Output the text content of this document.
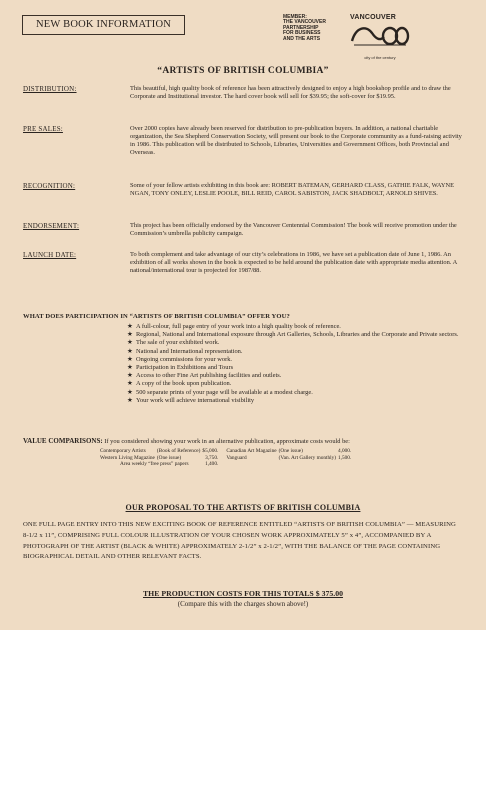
NEW BOOK INFORMATION
MEMBER:
THE VANCOUVER
PARTNERSHIP
FOR BUSINESS
AND THE ARTS
VANCOUVER
city of the century
“ARTISTS OF BRITISH COLUMBIA”
DISTRIBUTION:	This beautiful, high quality book of reference has been attractively designed to enjoy a high bookshop profile and to draw the Corporate and Institutional investor. The hard cover book will sell for $39.95; the soft-cover for $19.95.
PRE SALES:	Over 2000 copies have already been reserved for distribution to pre-publication buyers. In addition, a national charitable organization, the Sea Shepherd Conservation Society, will present our book to the Corporate community as a fund-raising activity in 1986. This publication will be distributed to Schools, Libraries, Universities and Government Offices, both Provincial and Overseas.
RECOGNITION:	Some of your fellow artists exhibiting in this book are: ROBERT BATEMAN, GERHARD CLASS, GATHIE FALK, WAYNE NGAN, TONY ONLEY, LESLIE POOLE, BILL REID, CAROL SABISTON, JACK SHADBOLT, ARNOLD SHIVES.
ENDORSEMENT:	This project has been officially endorsed by the Vancouver Centennial Commission! The book will receive promotion under the Commission’s umbrella publicity campaign.
LAUNCH DATE:	To both complement and take advantage of our city’s celebrations in 1986, we have set a publication date of June 1, 1986. An exhibition of all works shown in the book is expected to be held around the publication date with appropriate media attention. A national/international tour is projected for 1987/88.
WHAT DOES PARTICIPATION IN “ARTISTS OF BRITISH COLUMBIA” OFFER YOU?
★ A full-colour, full page entry of your work into a high quality book of reference.
★ Regional, National and International exposure through Art Galleries, Schools, Libraries and the Corporate and Private sectors.
★ The sale of your exhibited work.
★ National and International representation.
★ Ongoing commissions for your work.
★ Participation in Exhibitions and Tours
★ Access to other Fine Art publishing facilities and outlets.
★ A copy of the book upon publication.
★ 500 separate prints of your page will be available at a modest charge.
★ Your work will achieve international visibility
VALUE COMPARISONS: If you considered showing your work in an alternative publication, approximate costs would be:
Contemporary Artists	(Book of Reference)	$5,000.	Canadian Art Magazine	(One issue)	4,000.
Western Living Magazine	(One issue)	3,750.	Vanguard	(Van. Art Gallery monthly)	1,500.
Area weekly “free press” papers		1,400.			
OUR PROPOSAL TO THE ARTISTS OF BRITISH COLUMBIA
ONE FULL PAGE ENTRY INTO THIS NEW EXCITING BOOK OF REFERENCE ENTITLED “ARTISTS OF BRITISH COLUMBIA” — MEASURING 8-1/2 x 11”, COMPRISING FULL COLOUR ILLUSTRATION OF YOUR CHOSEN WORK APPROXIMATELY 5” x 4”, ACCOMPANIED BY A PHOTOGRAPH OF THE ARTIST (BLACK & WHITE) APPROXIMATELY 2-1/2” x 2-1/2”, WITH THE BALANCE OF THE PAGE CONTAINING BIOGRAPHICAL DETAIL AND OTHER RELEVANT FACTS.
THE PRODUCTION COSTS FOR THIS TOTALS $ 375.00
(Compare this with the charges shown above!)
